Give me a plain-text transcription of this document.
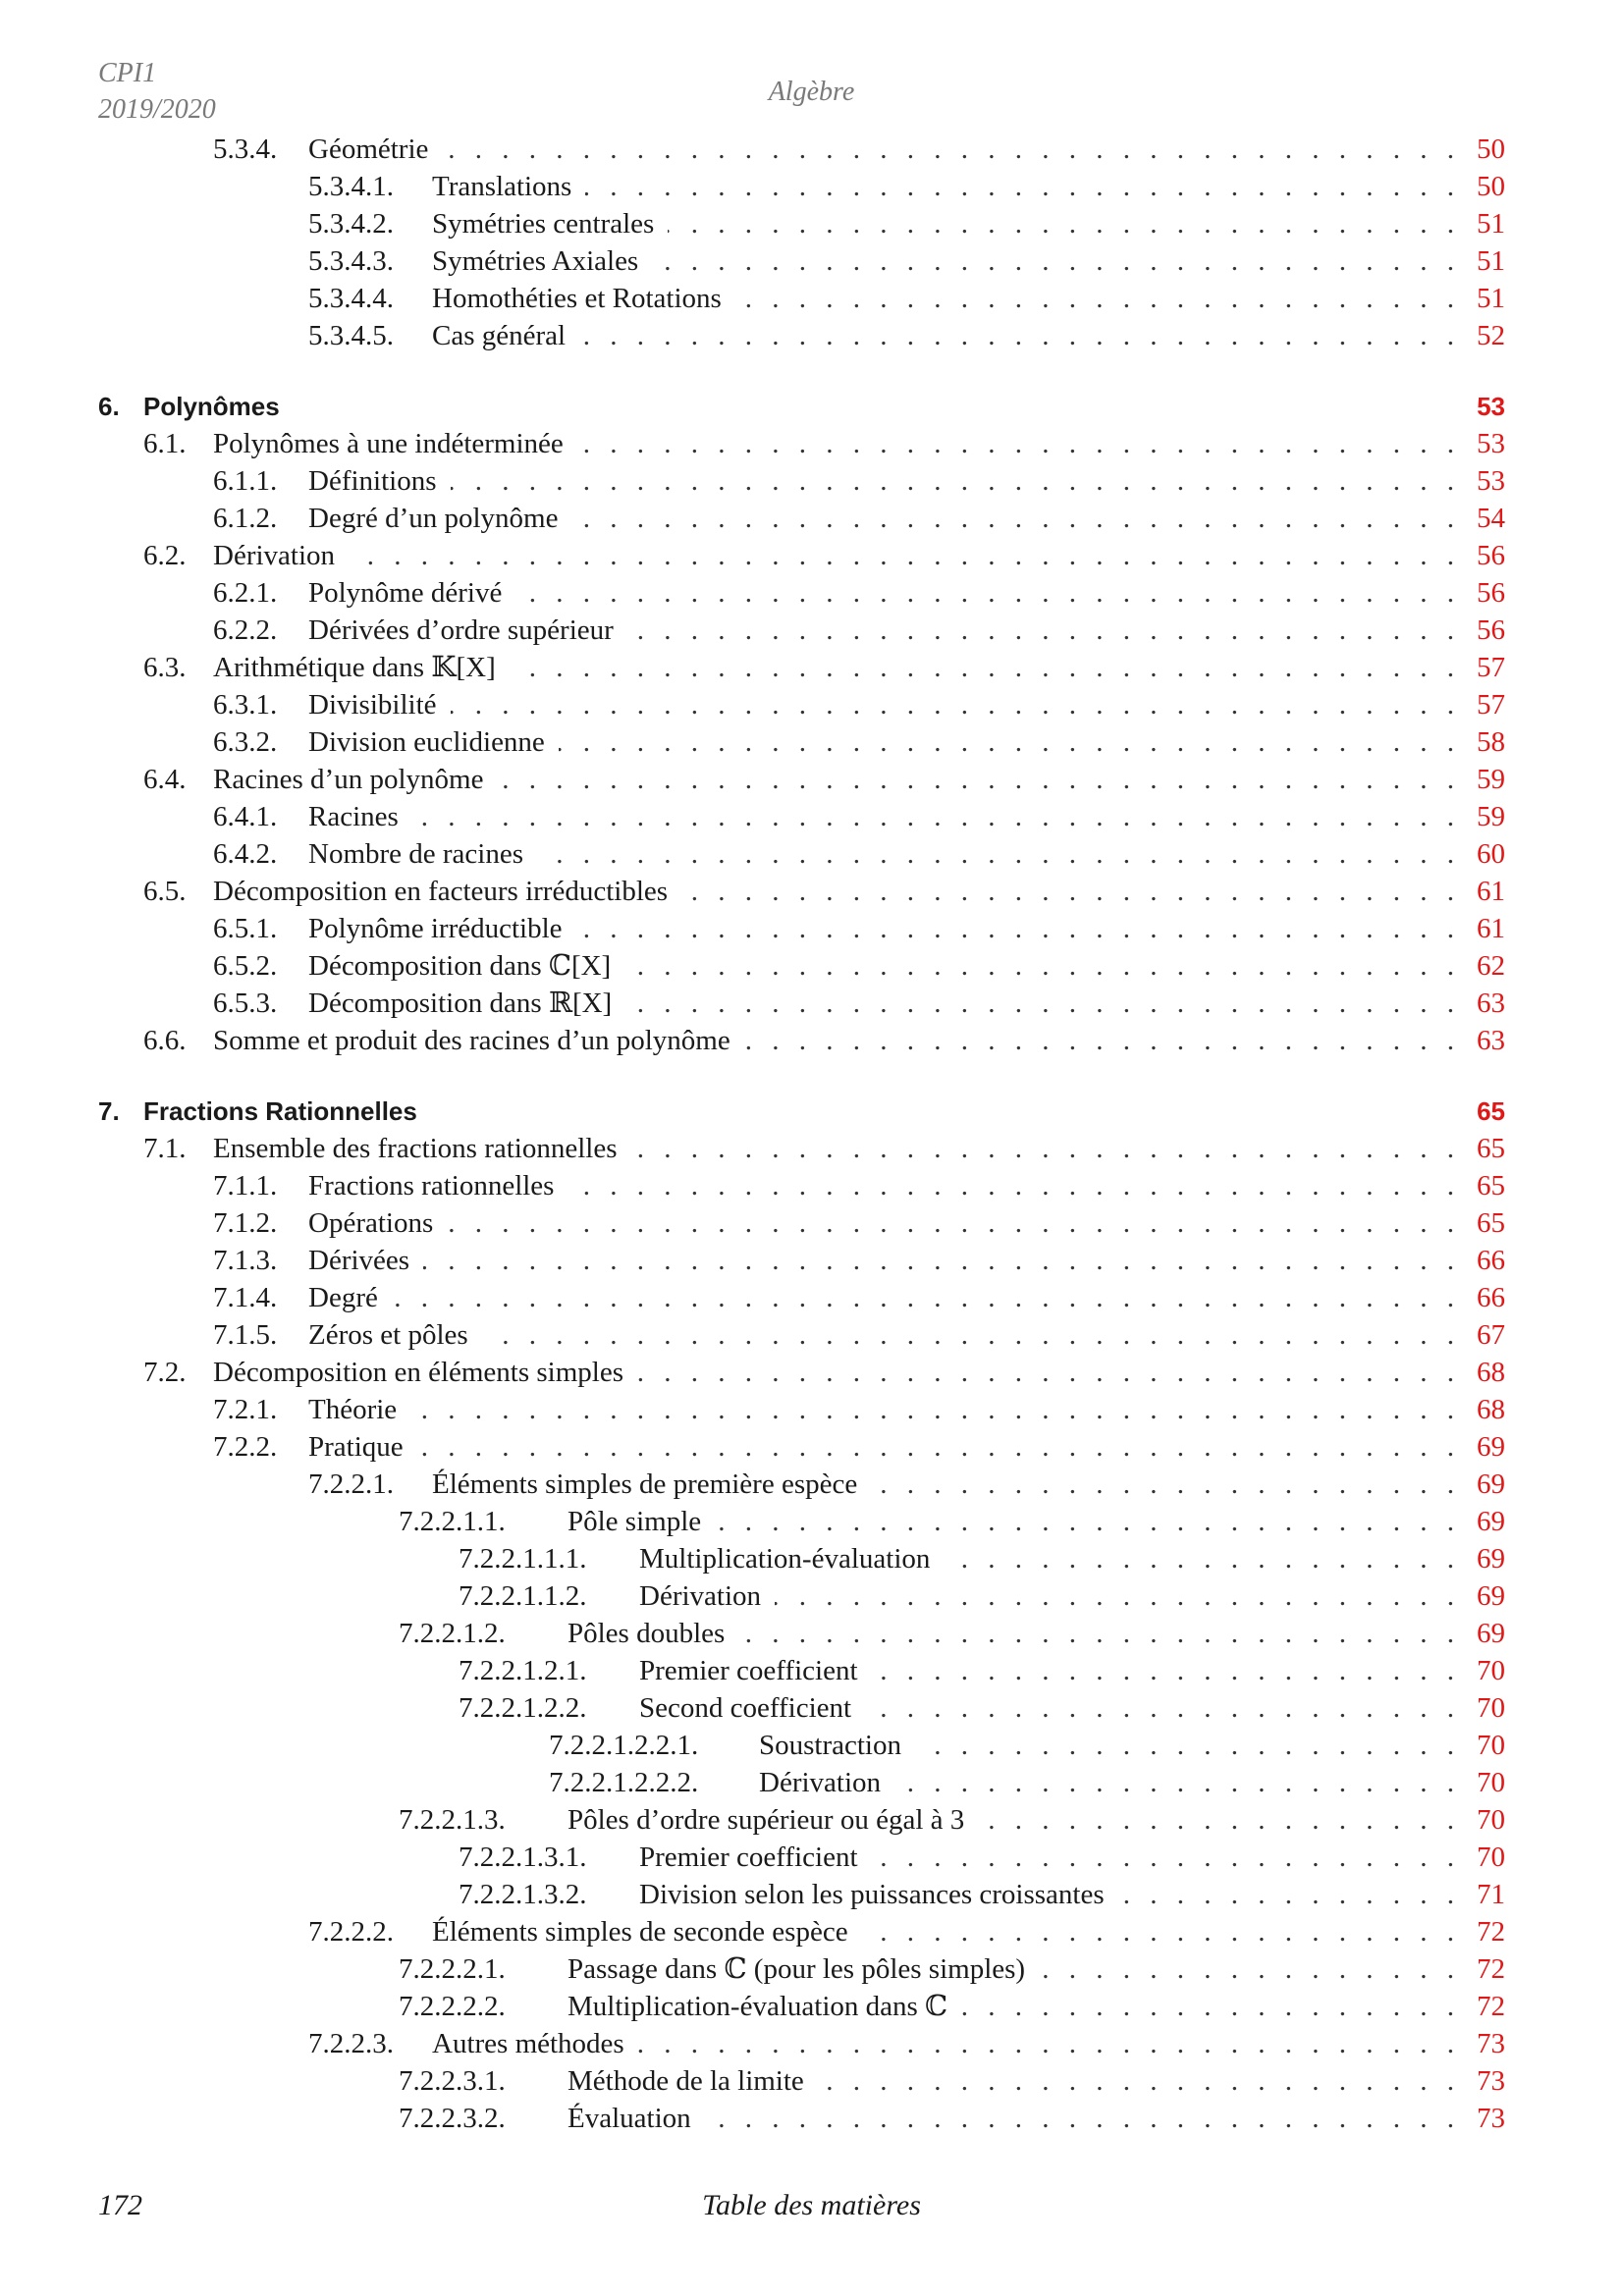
CPI1
2019/2020
Algèbre
5.3.4. Géométrie . . .	50
5.3.4.1. Translations . . .	50
5.3.4.2. Symétries centrales . . .	51
5.3.4.3. Symétries Axiales . . .	51
5.3.4.4. Homothéties et Rotations . . .	51
5.3.4.5. Cas général . . .	52
6. Polynômes	53
6.1. Polynômes à une indéterminée . . .	53
6.1.1. Définitions . . .	53
6.1.2. Degré d’un polynôme . . .	54
6.2. Dérivation . . .	56
6.2.1. Polynôme dérivé . . .	56
6.2.2. Dérivées d’ordre supérieur . . .	56
6.3. Arithmétique dans 𝕂[X] . . .	57
6.3.1. Divisibilité . . .	57
6.3.2. Division euclidienne . . .	58
6.4. Racines d’un polynôme . . .	59
6.4.1. Racines . . .	59
6.4.2. Nombre de racines . . .	60
6.5. Décomposition en facteurs irréductibles . . .	61
6.5.1. Polynôme irréductible . . .	61
6.5.2. Décomposition dans ℂ[X] . . .	62
6.5.3. Décomposition dans ℝ[X] . . .	63
6.6. Somme et produit des racines d’un polynôme . . .	63
7. Fractions Rationnelles	65
7.1. Ensemble des fractions rationnelles . . .	65
7.1.1. Fractions rationnelles . . .	65
7.1.2. Opérations . . .	65
7.1.3. Dérivées . . .	66
7.1.4. Degré . . .	66
7.1.5. Zéros et pôles . . .	67
7.2. Décomposition en éléments simples . . .	68
7.2.1. Théorie . . .	68
7.2.2. Pratique . . .	69
7.2.2.1. Éléments simples de première espèce . . .	69
7.2.2.1.1. Pôle simple . . .	69
7.2.2.1.1.1. Multiplication-évaluation . . .	69
7.2.2.1.1.2. Dérivation . . .	69
7.2.2.1.2. Pôles doubles . . .	69
7.2.2.1.2.1. Premier coefficient . . .	70
7.2.2.1.2.2. Second coefficient . . .	70
7.2.2.1.2.2.1. Soustraction . . .	70
7.2.2.1.2.2.2. Dérivation . . .	70
7.2.2.1.3. Pôles d’ordre supérieur ou égal à 3 . . .	70
7.2.2.1.3.1. Premier coefficient . . .	70
7.2.2.1.3.2. Division selon les puissances croissantes . . .	71
7.2.2.2. Éléments simples de seconde espèce . . .	72
7.2.2.2.1. Passage dans ℂ (pour les pôles simples) . . .	72
7.2.2.2.2. Multiplication-évaluation dans ℂ . . .	72
7.2.2.3. Autres méthodes . . .	73
7.2.2.3.1. Méthode de la limite . . .	73
7.2.2.3.2. Évaluation . . .	73
172	Table des matières
